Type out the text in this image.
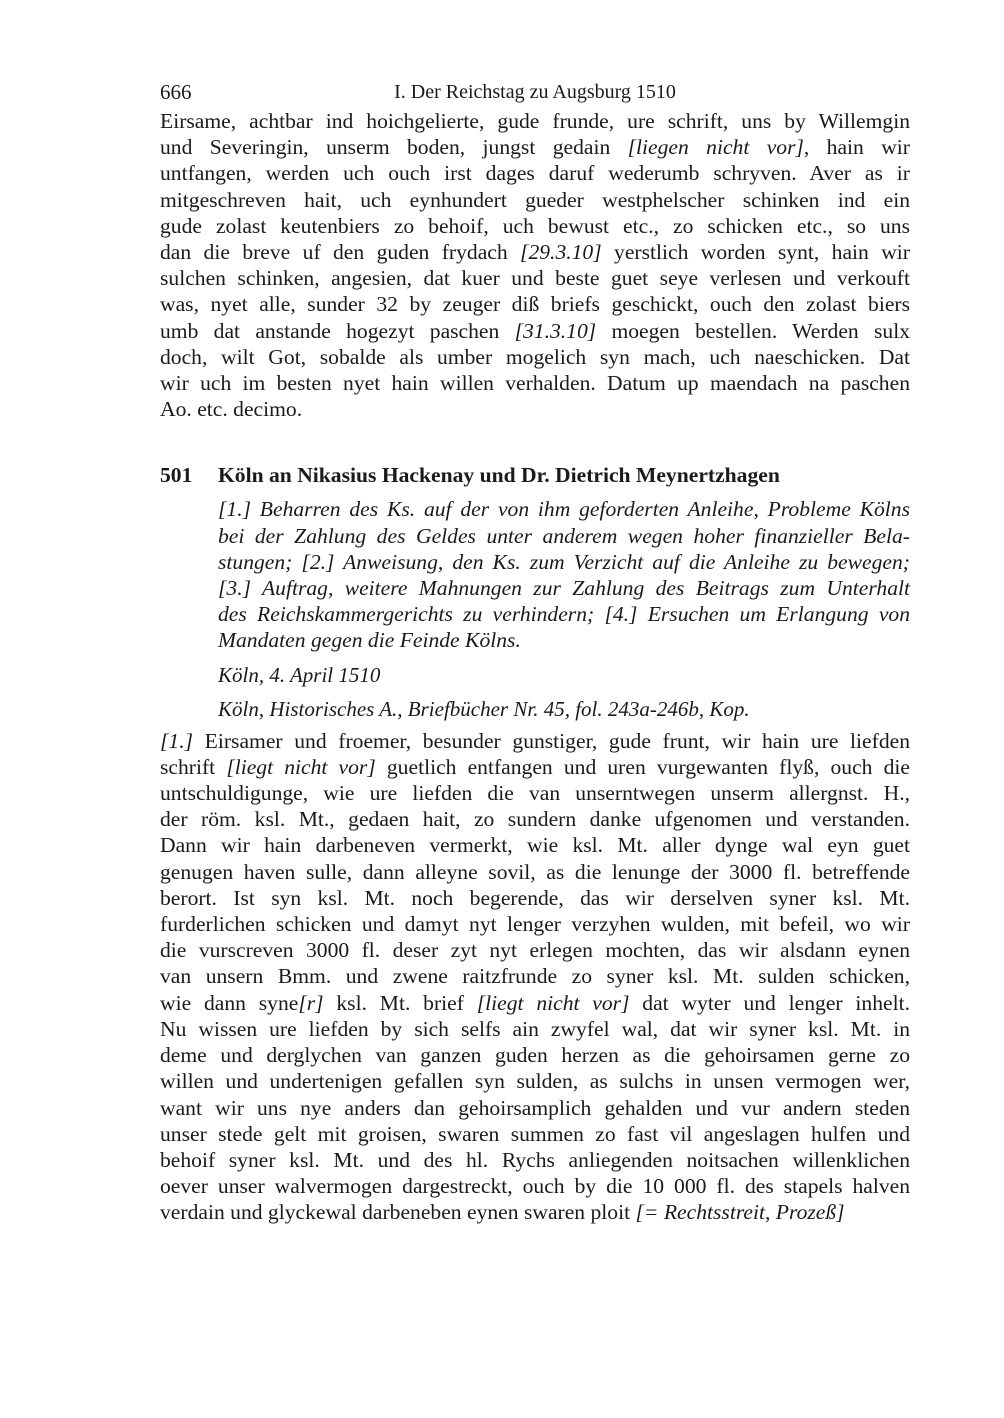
666	I. Der Reichstag zu Augsburg 1510

Eirsame, achtbar ind hoichgelierte, gude frunde, ure schrift, uns by Willemgin
und Severingin, unserm boden, jungst gedain [liegen nicht vor], hain wir
untfangen, werden uch ouch irst dages daruf wederumb schryven. Aver as ir
mitgeschreven hait, uch eynhundert gueder westphelscher schinken ind ein
gude zolast keutenbiers zo behoif, uch bewust etc., zo schicken etc., so uns
dan die breve uf den guden frydach [29.3.10] yerstlich worden synt, hain wir
sulchen schinken, angesien, dat kuer und beste guet seye verlesen und verkouft
was, nyet alle, sunder 32 by zeuger diß briefs geschickt, ouch den zolast biers
umb dat anstande hogezyt paschen [31.3.10] moegen bestellen. Werden sulx
doch, wilt Got, sobalde als umber mogelich syn mach, uch naeschicken. Dat
wir uch im besten nyet hain willen verhalden. Datum up maendach na paschen
Ao. etc. decimo.

501	Köln an Nikasius Hackenay und Dr. Dietrich Meynertzhagen
[1.] Beharren des Ks. auf der von ihm geforderten Anleihe, Probleme Kölns
bei der Zahlung des Geldes unter anderem wegen hoher finanzieller Bela-
stungen; [2.] Anweisung, den Ks. zum Verzicht auf die Anleihe zu bewegen;
[3.] Auftrag, weitere Mahnungen zur Zahlung des Beitrags zum Unterhalt
des Reichskammergerichts zu verhindern; [4.] Ersuchen um Erlangung von
Mandaten gegen die Feinde Kölns.
Köln, 4. April 1510
Köln, Historisches A., Briefbücher Nr. 45, fol. 243a-246b, Kop.

[1.] Eirsamer und froemer, besunder gunstiger, gude frunt, wir hain ure liefden
schrift [liegt nicht vor] guetlich entfangen und uren vurgewanten flyß, ouch die
untschuldigunge, wie ure liefden die van unserntwegen unserm allergnst. H.,
der röm. ksl. Mt., gedaen hait, zo sundern danke ufgenomen und verstanden.
Dann wir hain darbeneven vermerkt, wie ksl. Mt. aller dynge wal eyn guet
genugen haven sulle, dann alleyne sovil, as die lenunge der 3000 fl. betreffende
berort. Ist syn ksl. Mt. noch begerende, das wir derselven syner ksl. Mt.
furderlichen schicken und damyt nyt lenger verzyhen wulden, mit befeil, wo wir
die vurscreven 3000 fl. deser zyt nyt erlegen mochten, das wir alsdann eynen
van unsern Bmm. und zwene raitzfrunde zo syner ksl. Mt. sulden schicken,
wie dann syne[r] ksl. Mt. brief [liegt nicht vor] dat wyter und lenger inhelt.
Nu wissen ure liefden by sich selfs ain zwyfel wal, dat wir syner ksl. Mt. in
deme und derglychen van ganzen guden herzen as die gehoirsamen gerne zo
willen und undertenigen gefallen syn sulden, as sulchs in unsen vermogen wer,
want wir uns nye anders dan gehoirsamplich gehalden und vur andern steden
unser stede gelt mit groisen, swaren summen zo fast vil angeslagen hulfen und
behoif syner ksl. Mt. und des hl. Rychs anliegenden noitsachen willenklichen
oever unser walvermogen dargestreckt, ouch by die 10 000 fl. des stapels halven
verdain und glyckewal darbeneben eynen swaren ploit [= Rechtsstreit, Prozeß]
